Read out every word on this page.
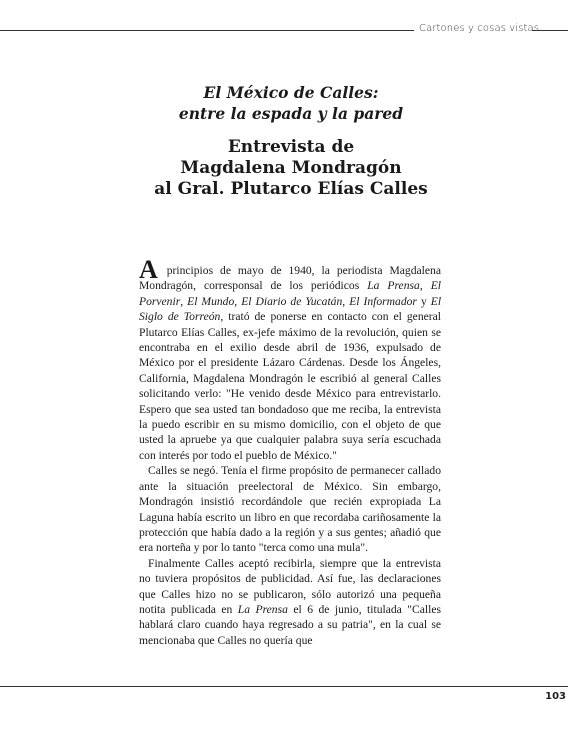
Cartones y cosas vistas
El México de Calles:
entre la espada y la pared
Entrevista de
Magdalena Mondragón
al Gral. Plutarco Elías Calles

A principios de mayo de 1940, la periodista Magdalena Mondragón, corresponsal de los periódicos La Prensa, El Porvenir, El Mundo, El Diario de Yucatán, El Informador y El Siglo de Torreón, trató de ponerse en contacto con el general Plutarco Elías Calles, ex-jefe máximo de la revolución, quien se encontraba en el exilio desde abril de 1936, expulsado de México por el presidente Lázaro Cárdenas. Desde los Ángeles, California, Magdalena Mondragón le escribió al general Calles solicitando verlo: "He venido desde México para entrevistarlo. Espero que sea usted tan bondadoso que me reciba, la entrevista la puedo escribir en su mismo domicilio, con el objeto de que usted la apruebe ya que cualquier palabra suya sería escuchada con interés por todo el pueblo de México."

Calles se negó. Tenía el firme propósito de permanecer callado ante la situación preelectoral de México. Sin embargo, Mondragón insistió recordándole que recién expropiada La Laguna había escrito un libro en que recordaba cariñosamente la protección que había dado a la región y a sus gentes; añadió que era norteña y por lo tanto "terca como una mula".

Finalmente Calles aceptó recibirla, siempre que la entrevista no tuviera propósitos de publicidad. Así fue, las declaraciones que Calles hizo no se publicaron, sólo autorizó una pequeña notita publicada en La Prensa el 6 de junio, titulada "Calles hablará claro cuando haya regresado a su patria", en la cual se mencionaba que Calles no quería que

103
